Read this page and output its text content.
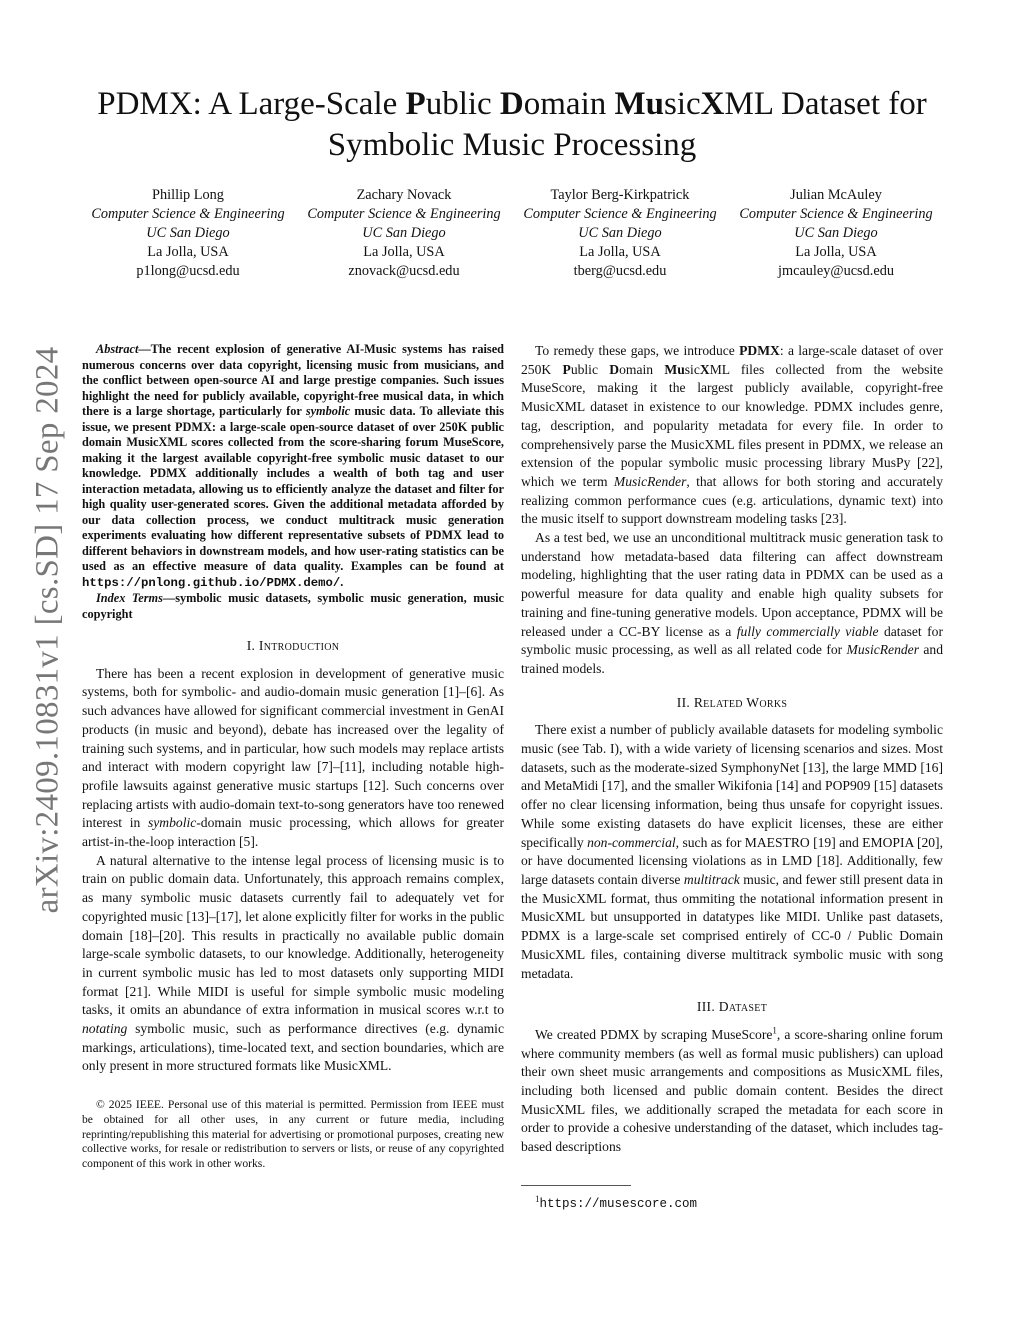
PDMX: A Large-Scale Public Domain MusicXML Dataset for
Symbolic Music Processing
Phillip Long
Computer Science & Engineering
UC San Diego
La Jolla, USA
p1long@ucsd.edu
Zachary Novack
Computer Science & Engineering
UC San Diego
La Jolla, USA
znovack@ucsd.edu
Taylor Berg-Kirkpatrick
Computer Science & Engineering
UC San Diego
La Jolla, USA
tberg@ucsd.edu
Julian McAuley
Computer Science & Engineering
UC San Diego
La Jolla, USA
jmcauley@ucsd.edu
arXiv:2409.10831v1 [cs.SD] 17 Sep 2024	Abstract—The recent explosion of generative AI-Music systems has raised numerous concerns over data copyright, licensing music from musicians, and the conflict between open-source AI and large prestige companies. Such issues highlight the need for publicly available, copyright-free musical data, in which there is a large shortage, particularly for symbolic music data. To alleviate this issue, we present PDMX: a large-scale open-source dataset of over 250K public domain MusicXML scores collected from the score-sharing forum MuseScore, making it the largest available copyright-free symbolic music dataset to our knowledge. PDMX additionally includes a wealth of both tag and user interaction metadata, allowing us to efficiently analyze the dataset and filter for high quality user-generated scores. Given the additional metadata afforded by our data collection process, we conduct multitrack music generation experiments evaluating how different representative subsets of PDMX lead to different behaviors in downstream models, and how user-rating statistics can be used as an effective measure of data quality. Examples can be found at https://pnlong.github.io/PDMX.demo/.

Index Terms—symbolic music datasets, symbolic music generation, music copyright

I. Introduction

There has been a recent explosion in development of generative music systems, both for symbolic- and audio-domain music generation [1]–[6]. As such advances have allowed for significant commercial investment in GenAI products (in music and beyond), debate has increased over the legality of training such systems, and in particular, how such models may replace artists and interact with modern copyright law [7]–[11], including notable high-profile lawsuits against generative music startups [12]. Such concerns over replacing artists with audio-domain text-to-song generators have too renewed interest in symbolic-domain music processing, which allows for greater artist-in-the-loop interaction [5].

A natural alternative to the intense legal process of licensing music is to train on public domain data. Unfortunately, this approach remains complex, as many symbolic music datasets currently fail to adequately vet for copyrighted music [13]–[17], let alone explicitly filter for works in the public domain [18]–[20]. This results in practically no available public domain large-scale symbolic datasets, to our knowledge. Additionally, heterogeneity in current symbolic music has led to most datasets only supporting MIDI format [21]. While MIDI is useful for simple symbolic music modeling tasks, it omits an abundance of extra information in musical scores w.r.t to notating symbolic music, such as performance directives (e.g. dynamic markings, articulations), time-located text, and section boundaries, which are only present in more structured formats like MusicXML.

© 2025 IEEE. Personal use of this material is permitted. Permission from IEEE must be obtained for all other uses, in any current or future media, including reprinting/republishing this material for advertising or promotional purposes, creating new collective works, for resale or redistribution to servers or lists, or reuse of any copyrighted component of this work in other works.

To remedy these gaps, we introduce PDMX: a large-scale dataset of over 250K Public Domain MusicXML files collected from the website MuseScore, making it the largest publicly available, copyright-free MusicXML dataset in existence to our knowledge. PDMX includes genre, tag, description, and popularity metadata for every file. In order to comprehensively parse the MusicXML files present in PDMX, we release an extension of the popular symbolic music processing library MusPy [22], which we term MusicRender, that allows for both storing and accurately realizing common performance cues (e.g. articulations, dynamic text) into the music itself to support downstream modeling tasks [23].

As a test bed, we use an unconditional multitrack music generation task to understand how metadata-based data filtering can affect downstream modeling, highlighting that the user rating data in PDMX can be used as a powerful measure for data quality and enable high quality subsets for training and fine-tuning generative models. Upon acceptance, PDMX will be released under a CC-BY license as a fully commercially viable dataset for symbolic music processing, as well as all related code for MusicRender and trained models.

II. Related Works

There exist a number of publicly available datasets for modeling symbolic music (see Tab. I), with a wide variety of licensing scenarios and sizes. Most datasets, such as the moderate-sized SymphonyNet [13], the large MMD [16] and MetaMidi [17], and the smaller Wikifonia [14] and POP909 [15] datasets offer no clear licensing information, being thus unsafe for copyright issues. While some existing datasets do have explicit licenses, these are either specifically non-commercial, such as for MAESTRO [19] and EMOPIA [20], or have documented licensing violations as in LMD [18]. Additionally, few large datasets contain diverse multitrack music, and fewer still present data in the MusicXML format, thus ommiting the notational information present in MusicXML but unsupported in datatypes like MIDI. Unlike past datasets, PDMX is a large-scale set comprised entirely of CC-0 / Public Domain MusicXML files, containing diverse multitrack symbolic music with song metadata.

III. Dataset

We created PDMX by scraping MuseScore$^1$, a score-sharing online forum where community members (as well as formal music publishers) can upload their own sheet music arrangements and compositions as MusicXML files, including both licensed and public domain content. Besides the direct MusicXML files, we additionally scraped the metadata for each score in order to provide a cohesive understanding of the dataset, which includes tag-based descriptions

$^1$https://musescore.com
